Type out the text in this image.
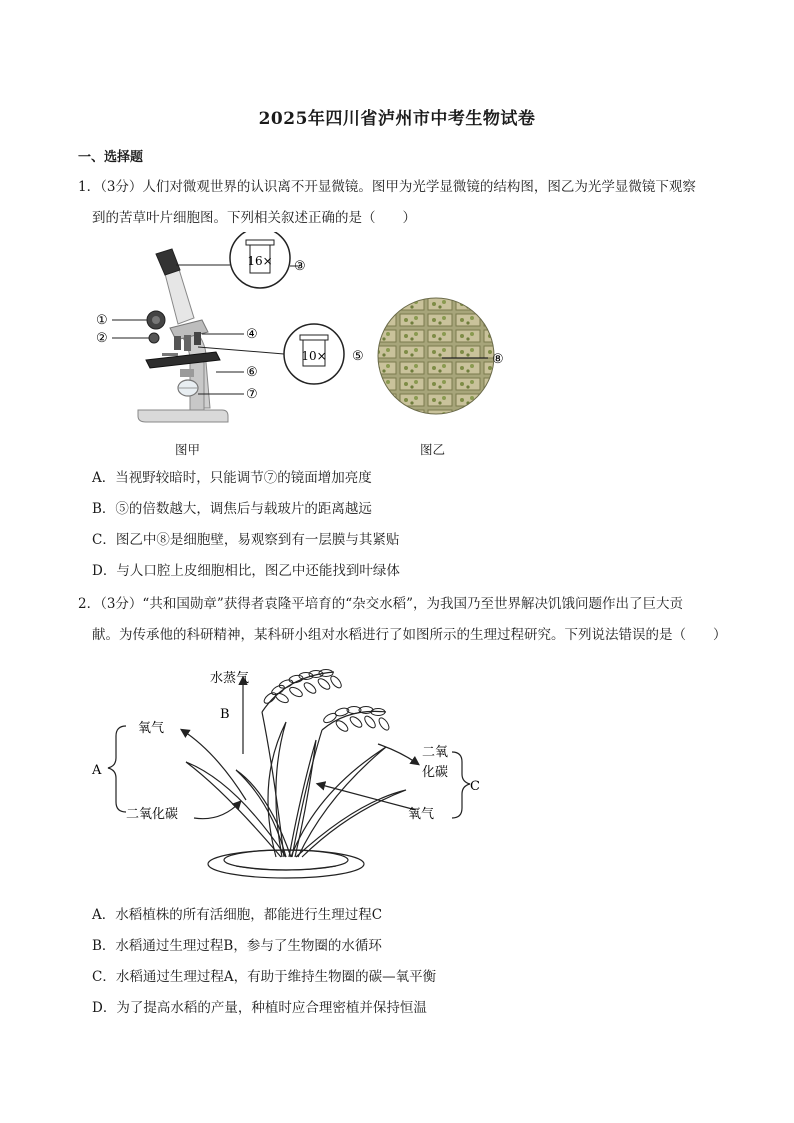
2025年四川省泸州市中考生物试卷
一、选择题
1．（3分）人们对微观世界的认识离不开显微镜。图甲为光学显微镜的结构图，图乙为光学显微镜下观察
到的苦草叶片细胞图。下列相关叙述正确的是（　　）
16×
10×
①
②
③
④
⑤
⑥
⑦
⑧
图甲	图乙
A．当视野较暗时，只能调节⑦的镜面增加亮度
B．⑤的倍数越大，调焦后与载玻片的距离越远
C．图乙中⑧是细胞壁，易观察到有一层膜与其紧贴
D．与人口腔上皮细胞相比，图乙中还能找到叶绿体
2．（3分）“共和国勋章”获得者袁隆平培育的“杂交水稻”，为我国乃至世界解决饥饿问题作出了巨大贡
献。为传承他的科研精神，某科研小组对水稻进行了如图所示的生理过程研究。下列说法错误的是（　　）
水蒸气
B
A
氧气
二氧化碳
二氧
化碳
氧气
C
A．水稻植株的所有活细胞，都能进行生理过程C
B．水稻通过生理过程B，参与了生物圈的水循环
C．水稻通过生理过程A，有助于维持生物圈的碳—氧平衡
D．为了提高水稻的产量，种植时应合理密植并保持恒温
